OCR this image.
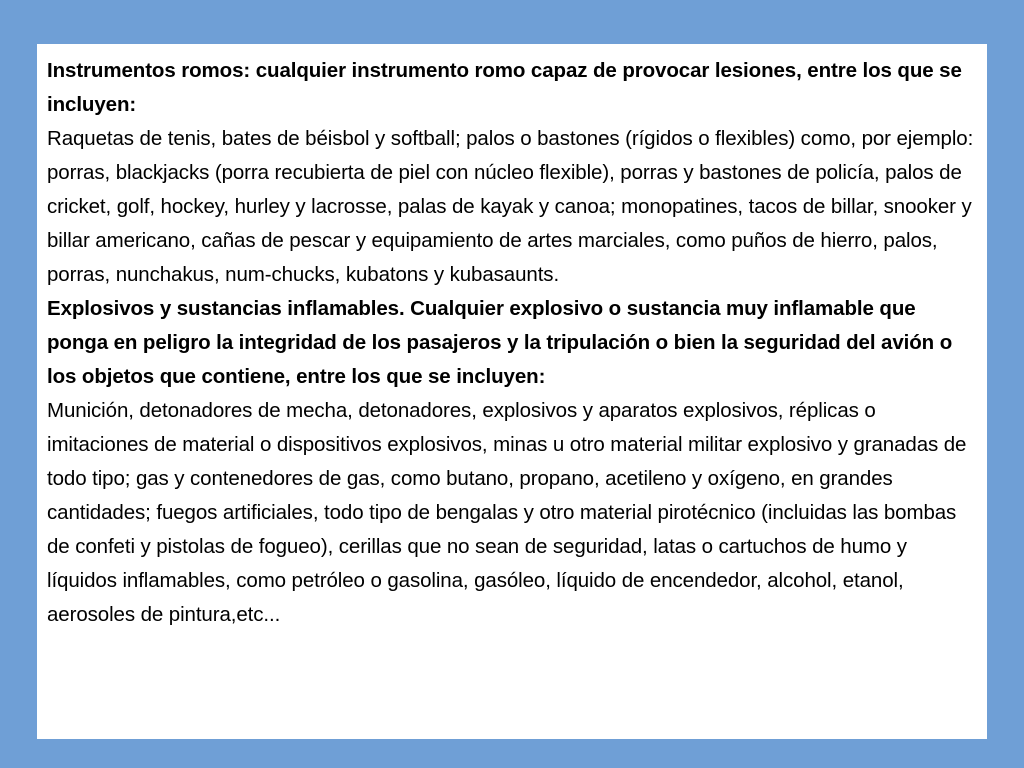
Instrumentos romos: cualquier instrumento romo capaz de provocar lesiones, entre los que se incluyen:
Raquetas de tenis, bates de béisbol y softball; palos o bastones (rígidos o flexibles) como, por ejemplo: porras, blackjacks (porra recubierta de piel con núcleo flexible), porras y bastones de policía, palos de cricket, golf, hockey, hurley y lacrosse, palas de kayak y canoa; monopatines, tacos de billar, snooker y billar americano, cañas de pescar y equipamiento de artes marciales, como puños de hierro, palos, porras, nunchakus, num-chucks, kubatons y kubasaunts.
Explosivos y sustancias inflamables. Cualquier explosivo o sustancia muy inflamable que ponga en peligro la integridad de los pasajeros y la tripulación o bien la seguridad del avión o los objetos que contiene, entre los que se incluyen:
Munición, detonadores de mecha, detonadores, explosivos y aparatos explosivos, réplicas o imitaciones de material o dispositivos explosivos, minas u otro material militar explosivo y granadas de todo tipo; gas y contenedores de gas, como butano, propano, acetileno y oxígeno, en grandes cantidades; fuegos artificiales, todo tipo de bengalas y otro material pirotécnico (incluidas las bombas de confeti y pistolas de fogueo), cerillas que no sean de seguridad, latas o cartuchos de humo y líquidos inflamables, como petróleo o gasolina, gasóleo, líquido de encendedor, alcohol, etanol, aerosoles de pintura,etc...
